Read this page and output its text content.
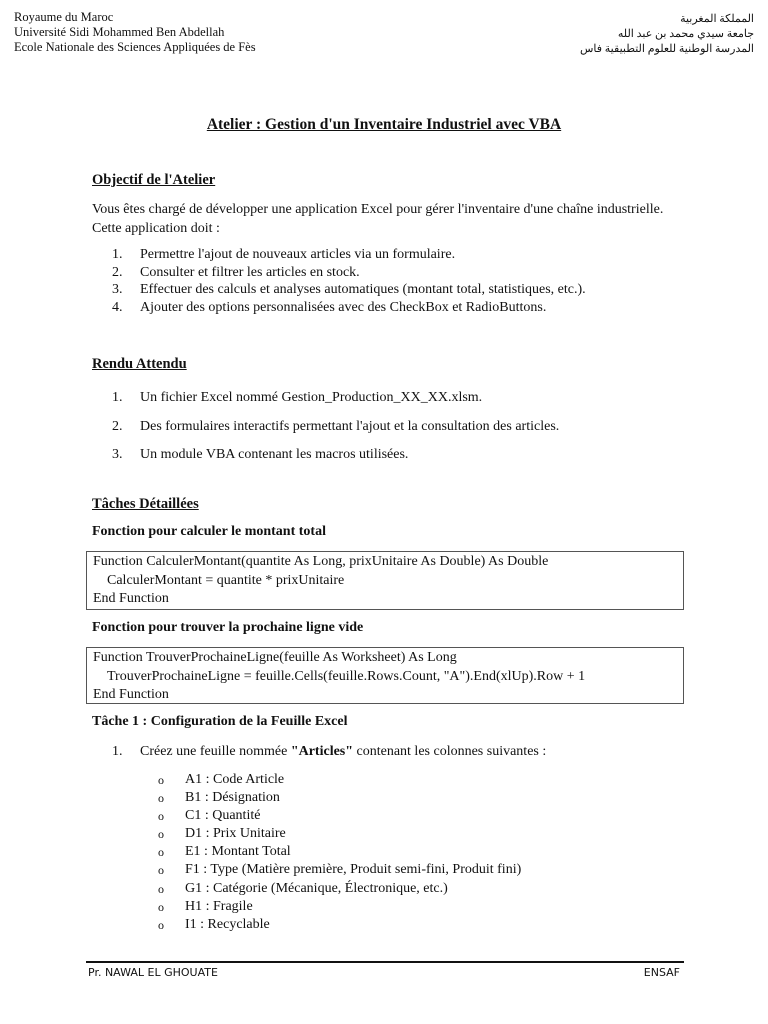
Royaume du Maroc
Université Sidi Mohammed Ben Abdellah
Ecole Nationale des Sciences Appliquées de Fès
المملكة المغربية
جامعة سيدي محمد بن عبد الله
المدرسة الوطنية للعلوم التطبيقية فاس
Atelier : Gestion d'un Inventaire Industriel avec VBA
Objectif de l'Atelier
Vous êtes chargé de développer une application Excel pour gérer l'inventaire d'une chaîne industrielle. Cette application doit :
1. Permettre l'ajout de nouveaux articles via un formulaire.
2. Consulter et filtrer les articles en stock.
3. Effectuer des calculs et analyses automatiques (montant total, statistiques, etc.).
4. Ajouter des options personnalisées avec des CheckBox et RadioButtons.
Rendu Attendu
1. Un fichier Excel nommé Gestion_Production_XX_XX.xlsm.
2. Des formulaires interactifs permettant l'ajout et la consultation des articles.
3. Un module VBA contenant les macros utilisées.
Tâches Détaillées
Fonction pour calculer le montant total
Function CalculerMontant(quantite As Long, prixUnitaire As Double) As Double
CalculerMontant = quantite * prixUnitaire
End Function
Fonction pour trouver la prochaine ligne vide
Function TrouverProchaineLigne(feuille As Worksheet) As Long
TrouverProchaineLigne = feuille.Cells(feuille.Rows.Count, "A").End(xlUp).Row + 1
End Function
Tâche 1 : Configuration de la Feuille Excel
1. Créez une feuille nommée "Articles" contenant les colonnes suivantes :
o A1 : Code Article
o B1 : Désignation
o C1 : Quantité
o D1 : Prix Unitaire
o E1 : Montant Total
o F1 : Type (Matière première, Produit semi-fini, Produit fini)
o G1 : Catégorie (Mécanique, Électronique, etc.)
o H1 : Fragile
o I1 : Recyclable
Pr. NAWAL EL GHOUATE	ENSAF
